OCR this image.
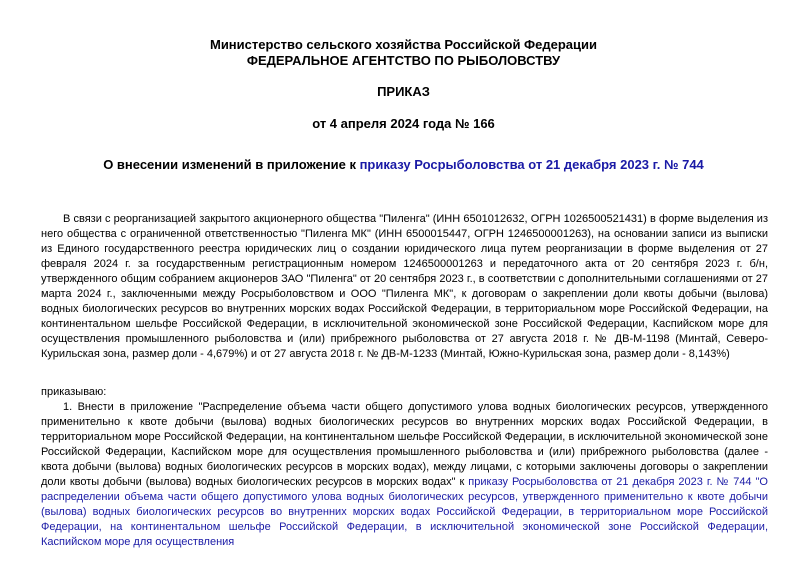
Министерство сельского хозяйства Российской Федерации
ФЕДЕРАЛЬНОЕ АГЕНТСТВО ПО РЫБОЛОВСТВУ
ПРИКАЗ
от 4 апреля 2024 года № 166
О внесении изменений в приложение к приказу Росрыболовства от 21 декабря 2023 г. № 744
В связи с реорганизацией закрытого акционерного общества "Пиленга" (ИНН 6501012632, ОГРН 1026500521431) в форме выделения из него общества с ограниченной ответственностью "Пиленга МК" (ИНН 6500015447, ОГРН 1246500001263), на основании записи из выписки из Единого государственного реестра юридических лиц о создании юридического лица путем реорганизации в форме выделения от 27 февраля 2024 г. за государственным регистрационным номером 1246500001263 и передаточного акта от 20 сентября 2023 г. б/н, утвержденного общим собранием акционеров ЗАО "Пиленга" от 20 сентября 2023 г., в соответствии с дополнительными соглашениями от 27 марта 2024 г., заключенными между Росрыболовством и ООО "Пиленга МК", к договорам о закреплении доли квоты добычи (вылова) водных биологических ресурсов во внутренних морских водах Российской Федерации, в территориальном море Российской Федерации, на континентальном шельфе Российской Федерации, в исключительной экономической зоне Российской Федерации, Каспийском море для осуществления промышленного рыболовства и (или) прибрежного рыболовства от 27 августа 2018 г. № ДВ-М-1198 (Минтай, Северо-Курильская зона, размер доли - 4,679%) и от 27 августа 2018 г. № ДВ-М-1233 (Минтай, Южно-Курильская зона, размер доли - 8,143%)
приказываю:
1. Внести в приложение "Распределение объема части общего допустимого улова водных биологических ресурсов, утвержденного применительно к квоте добычи (вылова) водных биологических ресурсов во внутренних морских водах Российской Федерации, в территориальном море Российской Федерации, на континентальном шельфе Российской Федерации, в исключительной экономической зоне Российской Федерации, Каспийском море для осуществления промышленного рыболовства и (или) прибрежного рыболовства (далее - квота добычи (вылова) водных биологических ресурсов в морских водах), между лицами, с которыми заключены договоры о закреплении доли квоты добычи (вылова) водных биологических ресурсов в морских водах" к приказу Росрыболовства от 21 декабря 2023 г. № 744 "О распределении объема части общего допустимого улова водных биологических ресурсов, утвержденного применительно к квоте добычи (вылова) водных биологических ресурсов во внутренних морских водах Российской Федерации, в территориальном море Российской Федерации, на континентальном шельфе Российской Федерации, в исключительной экономической зоне Российской Федерации, Каспийском море для осуществления
